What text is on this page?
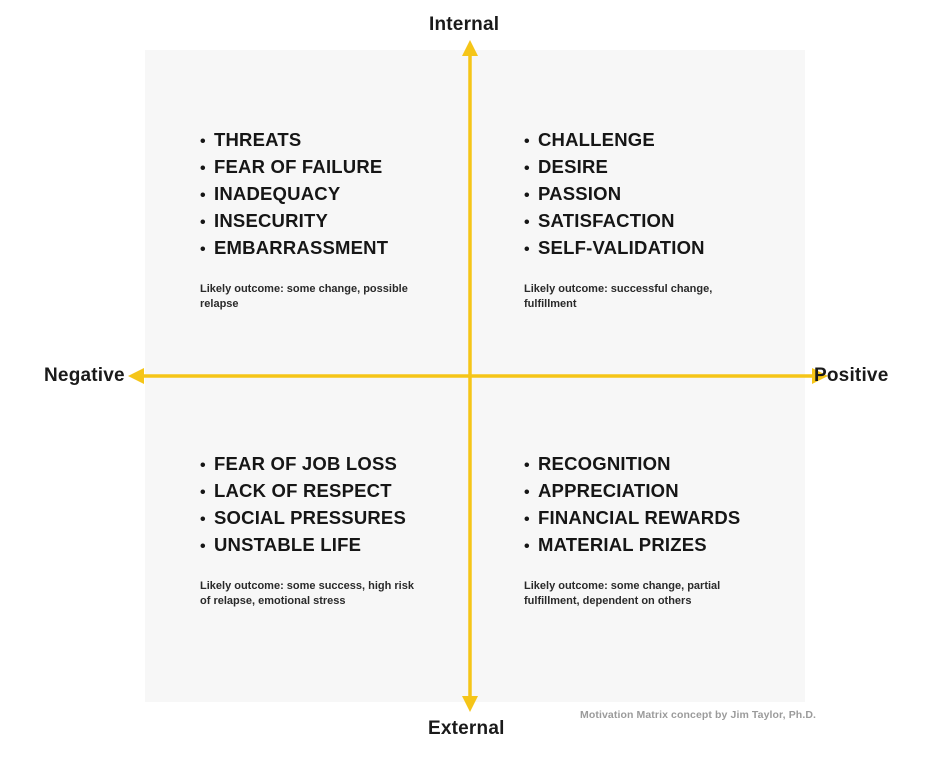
Internal
External
Negative	Positive
• THREATS
• FEAR OF FAILURE
• INADEQUACY
• INSECURITY
• EMBARRASSMENT
Likely outcome: some change, possible relapse
• CHALLENGE
• DESIRE
• PASSION
• SATISFACTION
• SELF-VALIDATION
Likely outcome: successful change, fulfillment
• FEAR OF JOB LOSS
• LACK OF RESPECT
• SOCIAL PRESSURES
• UNSTABLE LIFE
Likely outcome: some success, high risk of relapse, emotional stress
• RECOGNITION
• APPRECIATION
• FINANCIAL REWARDS
• MATERIAL PRIZES
Likely outcome: some change, partial fulfillment, dependent on others
Motivation Matrix concept by Jim Taylor, Ph.D.
